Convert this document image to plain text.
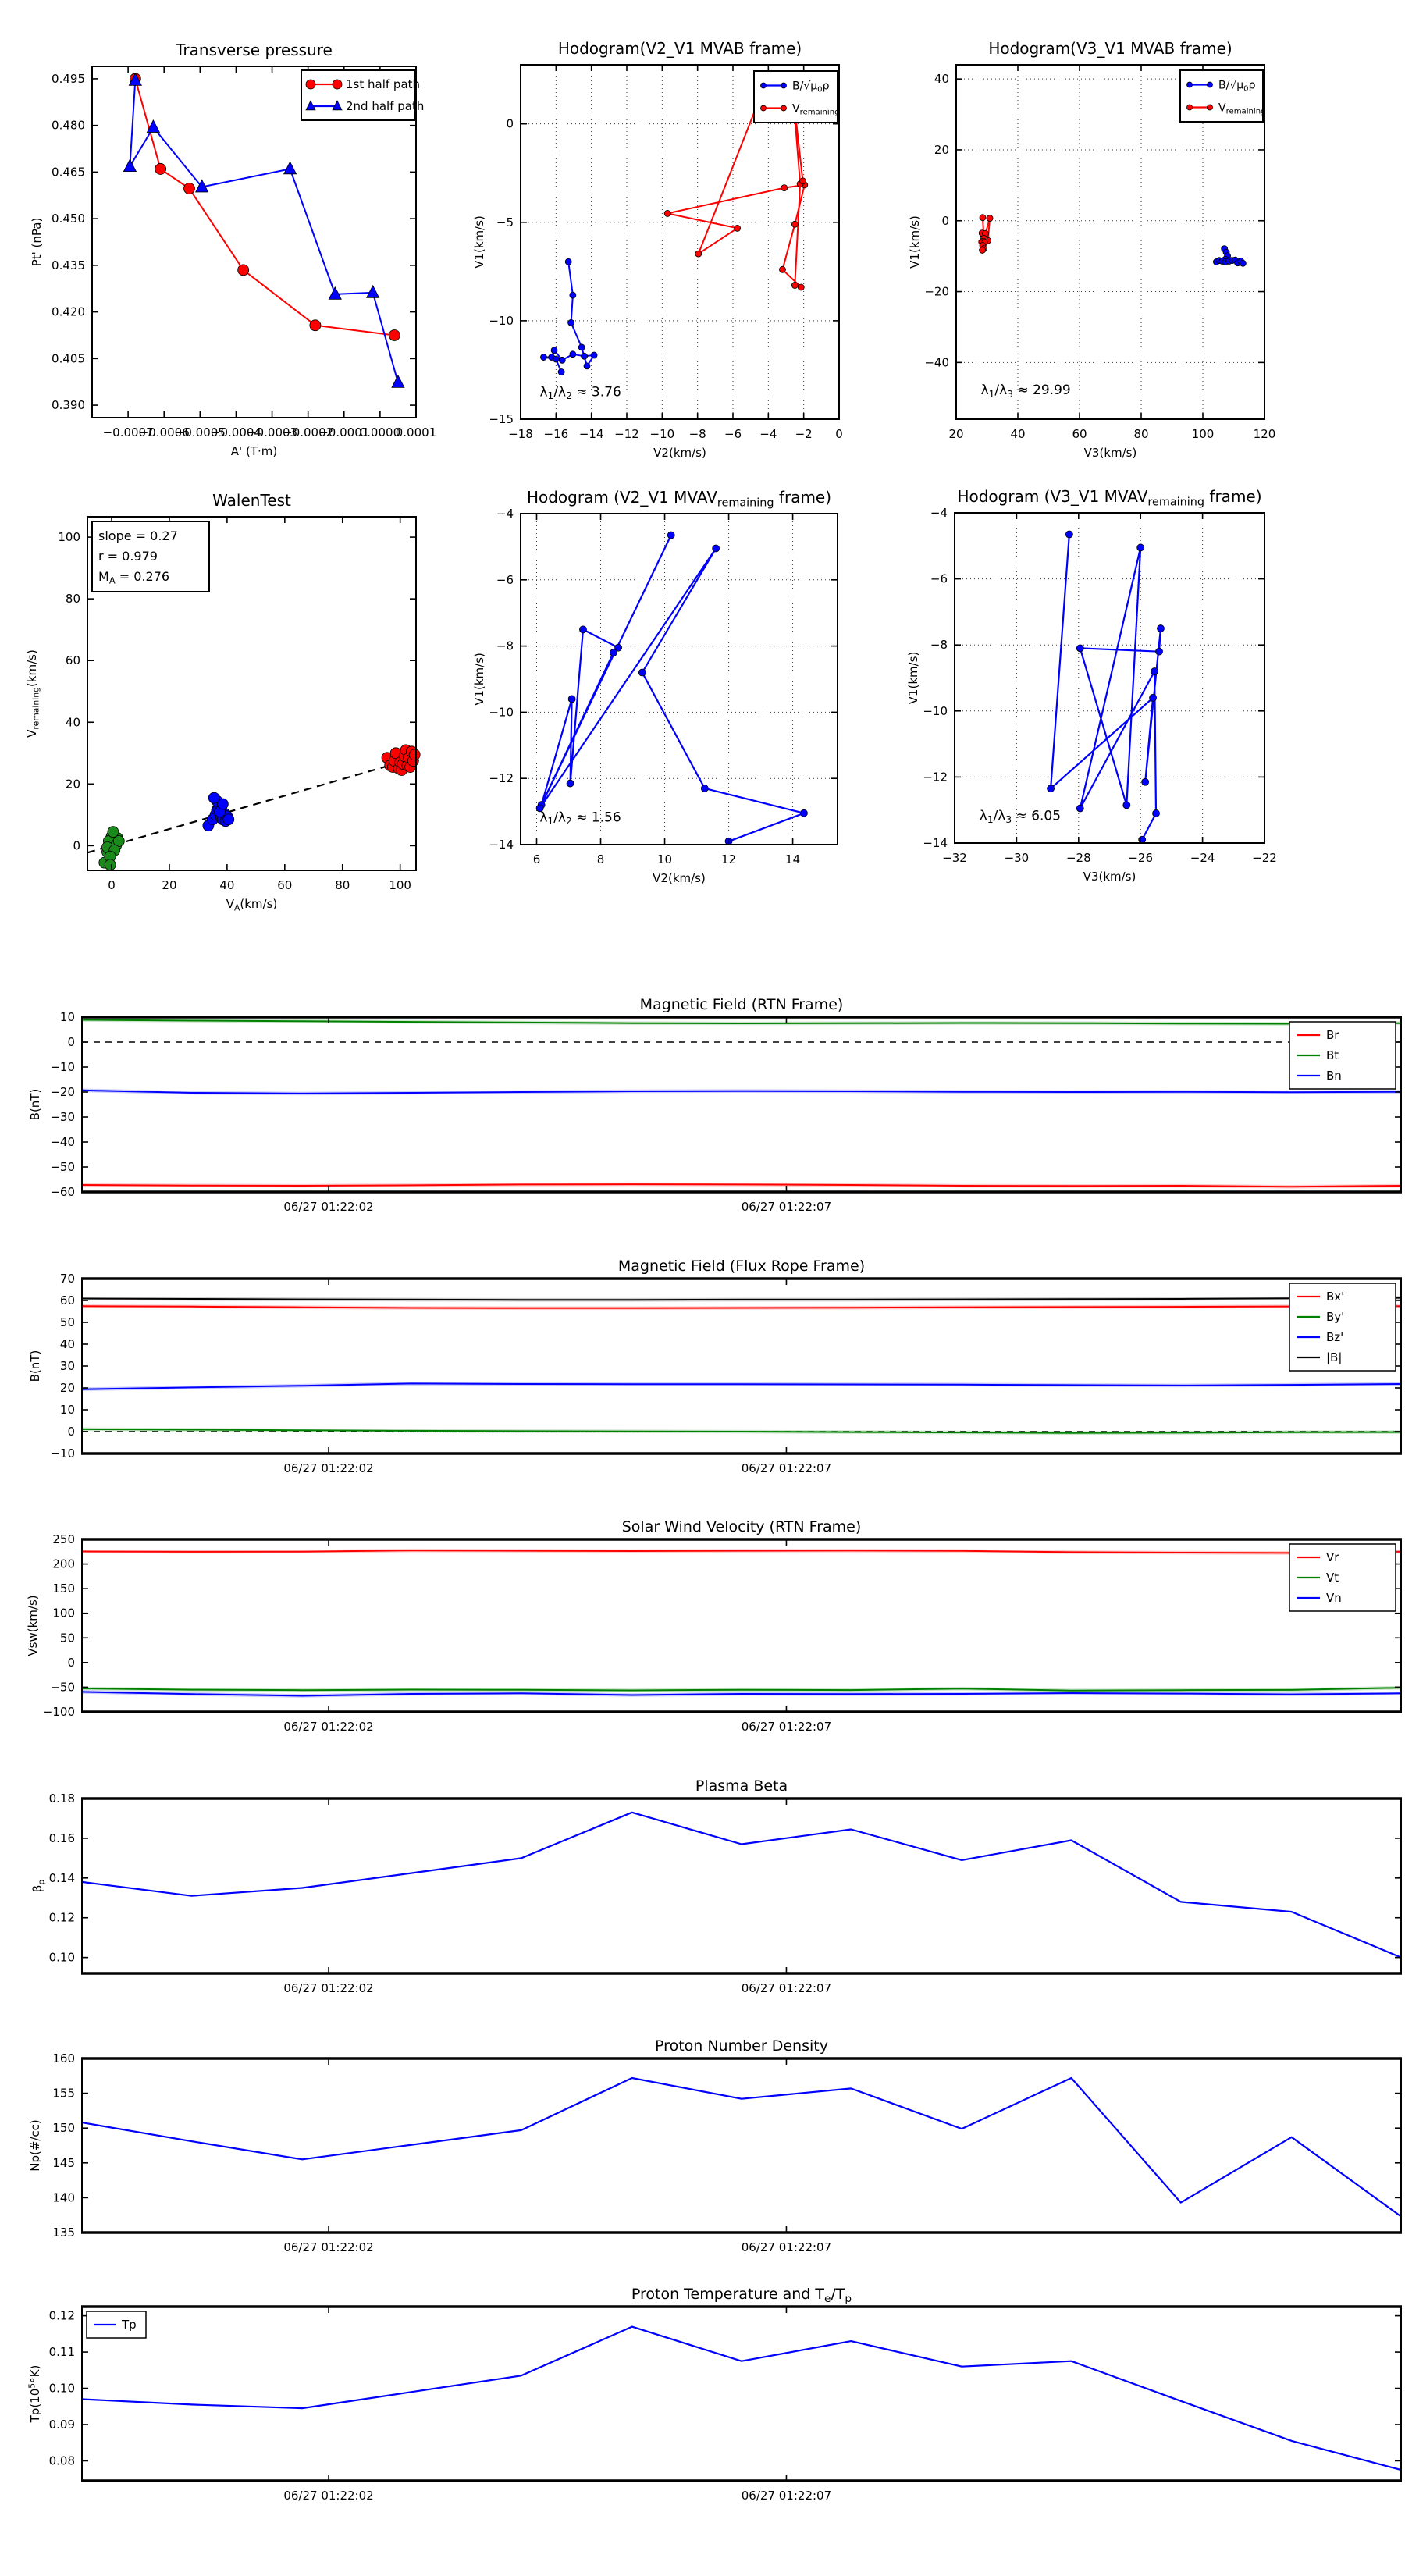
−0.0007
−0.0006
−0.0005
−0.0004
−0.0003
−0.0002
−0.0001
0.0000
0.0001
0.390
0.405
0.420
0.435
0.450
0.465
0.480
0.495
Transverse pressure
A' (T·m)
Pt' (nPa)
1st half path
2nd half path
−18 −16 −14 −12 −10 −8 −6 −4 −2 0
0
−5
−10
−15
Hodogram(V2_V1 MVAB frame)
V2(km/s)
V1(km/s)
$\lambda_1/\lambda_2 \approx 3.76$
$B/√\mu_0\rho$
$V_{remaining}$
20	40	60	80	100	120
40
20
0
−20
−40
Hodogram(V3_V1 MVAB frame)
V3(km/s)
V1(km/s)
$\lambda_1/\lambda_3 \approx 29.99$
$B/√\mu_0\rho$
$V_{remaining}$
0	20	40	60	80	100
0
20
40
60
80
100
WalenTest
$V_A(km/s)$
$V_{remaining}(km/s)$
slope = 0.27
r = 0.979
$M_A = 0.276$
6	8	10	12	14
−4
−6
−8
−10
−12
−14
Hodogram (V2_V1 $MVAV_{remaining}$ frame)
V2(km/s)
V1(km/s)
$\lambda_1/\lambda_2 \approx 1.56$
−32	−30	−28	−26	−24	−22
−4
−6
−8
−10
−12
−14
Hodogram (V3_V1 $MVAV_{remaining}$ frame)
V3(km/s)
V1(km/s)
$\lambda_1/\lambda_3 \approx 6.05$
06/27 01:22:02	06/27 01:22:07
10
0
−10
−20
−30
−40
−50
−60
Magnetic Field (RTN Frame)
B(nT)
Br
Bt
Bn
06/27 01:22:02	06/27 01:22:07
70
60
50
40
30
20
10
0
−10
Magnetic Field (Flux Rope Frame)
B(nT)
Bx'
By'
Bz'
|B|
06/27 01:22:02	06/27 01:22:07
250
200
150
100
50
0
−50
−100
Solar Wind Velocity (RTN Frame)
Vsw(km/s)
Vr
Vt
Vn
06/27 01:22:02	06/27 01:22:07
0.18
0.16
0.14
0.12
0.10
Plasma Beta
$\beta_p$
06/27 01:22:02	06/27 01:22:07
160
155
150
145
140
135
Proton Number Density
Np(#/cc)
06/27 01:22:02	06/27 01:22:07
0.12
0.11
0.10
0.09
0.08
Proton Temperature and $T_e/T_p$
$Tp(10^5^\circ K)$
Tp
